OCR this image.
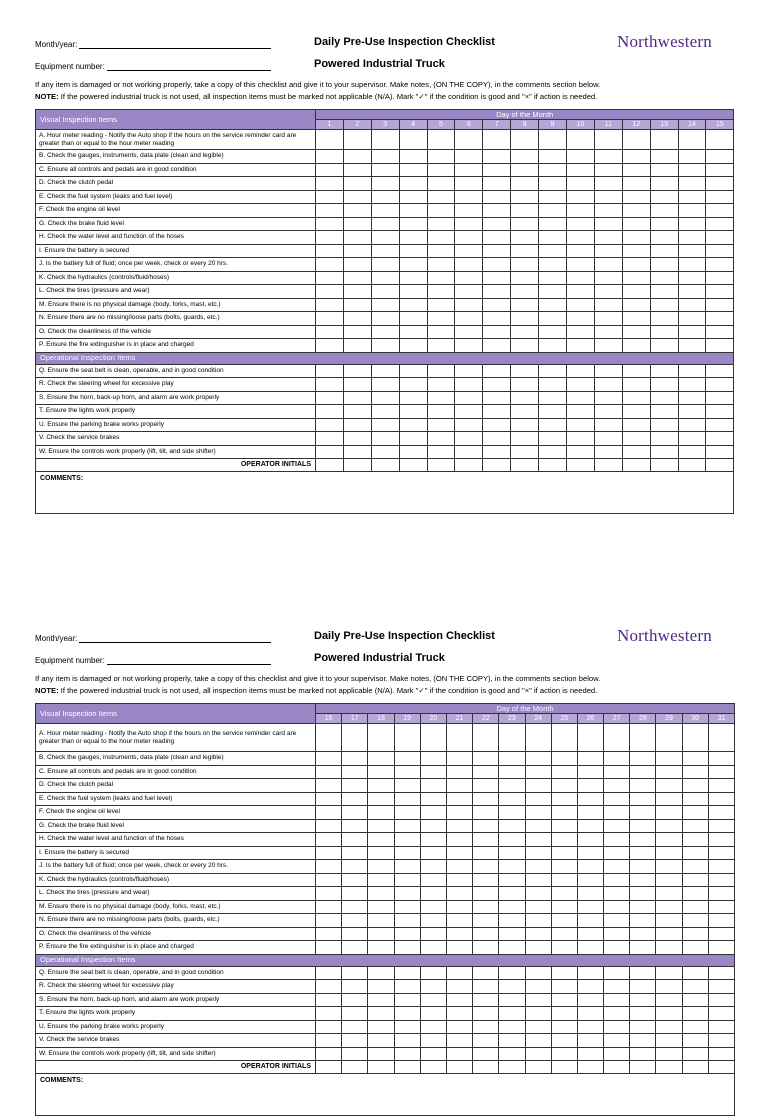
Month/year:
Equipment number:
Daily Pre-Use Inspection Checklist
Powered Industrial Truck
Northwestern
If any item is damaged or not working properly, take a copy of this checklist and give it to your supervisor. Make notes, (ON THE COPY), in the comments section below.
NOTE: If the powered industrial truck is not used, all inspection items must be marked not applicable (N/A). Mark "✓" if the condition is good and "×" if action is needed.
Visual Inspection Items	Day of the Month														
	1	2	3	4	5	6	7	8	9	10	11	12	13	14	15
A. Hour meter reading - Notify the Auto shop if the hours on the service reminder card are greater than or equal to the hour meter reading															
B. Check the gauges, instruments, data plate (clean and legible)															
C. Ensure all controls and pedals are in good condition															
D. Check the clutch pedal															
E. Check the fuel system (leaks and fuel level)															
F. Check the engine oil level															
G. Check the brake fluid level															
H. Check the water level and function of the hoses															
I. Ensure the battery is secured															
J. Is the battery full of fluid; once per week, check or every 20 hrs.															
K. Check the hydraulics (controls/fluid/hoses)															
L. Check the tires (pressure and wear)															
M. Ensure there is no physical damage (body, forks, mast, etc.)															
N. Ensure there are no missing/loose parts (bolts, guards, etc.)															
O. Check the cleanliness of the vehicle															
P. Ensure the fire extinguisher is in place and charged															
Operational Inspection Items															
Q. Ensure the seat belt is clean, operable, and in good condition															
R. Check the steering wheel for excessive play															
S. Ensure the horn, back-up horn, and alarm are work properly															
T. Ensure the lights work properly															
U. Ensure the parking brake works properly															
V. Check the service brakes															
W. Ensure the controls work properly (lift, tilt, and side shifter)															
OPERATOR INITIALS															
COMMENTS:															
Month/year:
Equipment number:
Daily Pre-Use Inspection Checklist
Powered Industrial Truck
Northwestern
If any item is damaged or not working properly, take a copy of this checklist and give it to your supervisor. Make notes, (ON THE COPY), in the comments section below.
NOTE: If the powered industrial truck is not used, all inspection items must be marked not applicable (N/A). Mark "✓" if the condition is good and "×" if action is needed.
Visual Inspection Items	Day of the Month															
	16	17	18	19	20	21	22	23	24	25	26	27	28	29	30	31
A. Hour meter reading - Notify the Auto shop if the hours on the service reminder card are greater than or equal to the hour meter reading																
B. Check the gauges, instruments, data plate (clean and legible)																
C. Ensure all controls and pedals are in good condition																
D. Check the clutch pedal																
E. Check the fuel system (leaks and fuel level)																
F. Check the engine oil level																
G. Check the brake fluid level																
H. Check the water level and function of the hoses																
I. Ensure the battery is secured																
J. Is the battery full of fluid; once per week, check or every 20 hrs.																
K. Check the hydraulics (controls/fluid/hoses)																
L. Check the tires (pressure and wear)																
M. Ensure there is no physical damage (body, forks, mast, etc.)																
N. Ensure there are no missing/loose parts (bolts, guards, etc.)																
O. Check the cleanliness of the vehicle																
P. Ensure the fire extinguisher is in place and charged																
Operational Inspection Items																
Q. Ensure the seat belt is clean, operable, and in good condition																
R. Check the steering wheel for excessive play																
S. Ensure the horn, back-up horn, and alarm are work properly																
T. Ensure the lights work properly																
U. Ensure the parking brake works properly																
V. Check the service brakes																
W. Ensure the controls work properly (lift, tilt, and side shifter)																
OPERATOR INITIALS																
COMMENTS:																
